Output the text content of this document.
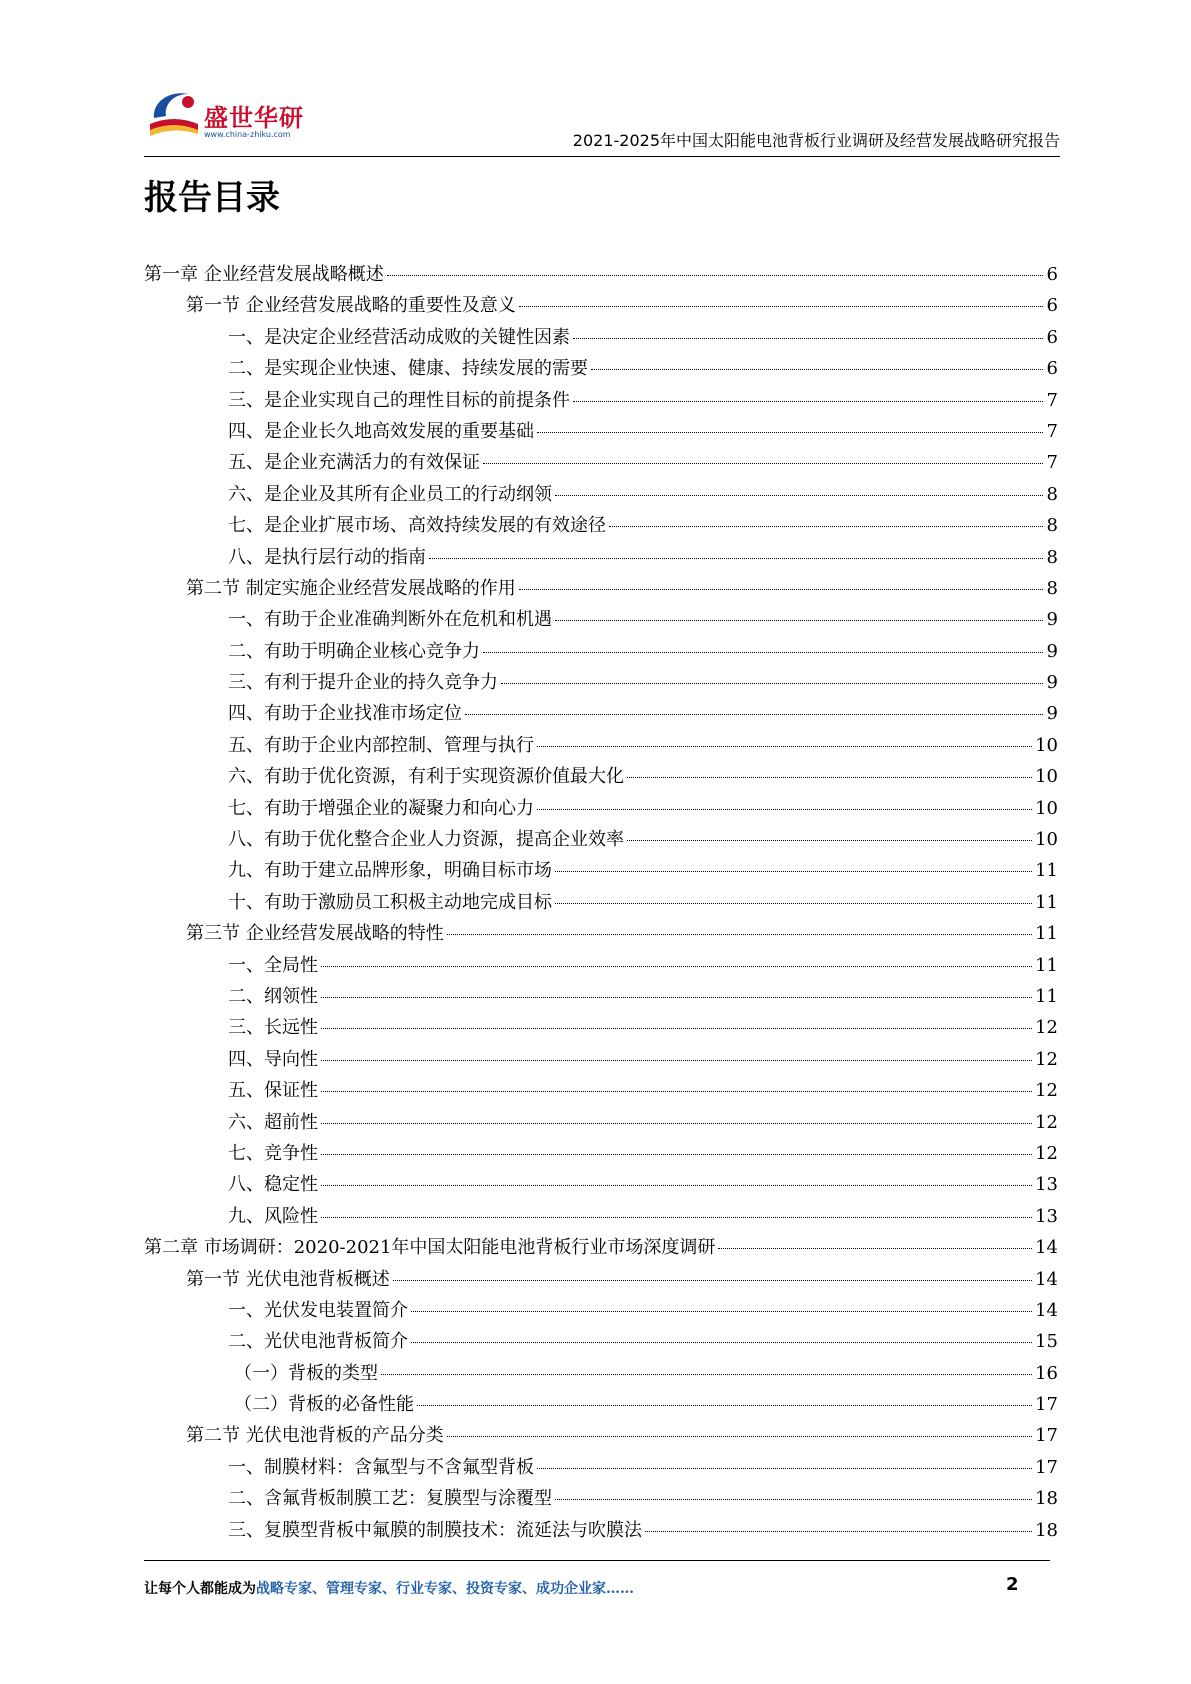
盛世华研
www.china-zhiku.com	2021-2025年中国太阳能电池背板行业调研及经营发展战略研究报告
报告目录
第一章 企业经营发展战略概述	6
第一节 企业经营发展战略的重要性及意义	6
一、是决定企业经营活动成败的关键性因素	6
二、是实现企业快速、健康、持续发展的需要	6
三、是企业实现自己的理性目标的前提条件	7
四、是企业长久地高效发展的重要基础	7
五、是企业充满活力的有效保证	7
六、是企业及其所有企业员工的行动纲领	8
七、是企业扩展市场、高效持续发展的有效途径	8
八、是执行层行动的指南	8
第二节 制定实施企业经营发展战略的作用	8
一、有助于企业准确判断外在危机和机遇	9
二、有助于明确企业核心竞争力	9
三、有利于提升企业的持久竞争力	9
四、有助于企业找准市场定位	9
五、有助于企业内部控制、管理与执行	10
六、有助于优化资源，有利于实现资源价值最大化	10
七、有助于增强企业的凝聚力和向心力	10
八、有助于优化整合企业人力资源，提高企业效率	10
九、有助于建立品牌形象，明确目标市场	11
十、有助于激励员工积极主动地完成目标	11
第三节 企业经营发展战略的特性	11
一、全局性	11
二、纲领性	11
三、长远性	12
四、导向性	12
五、保证性	12
六、超前性	12
七、竞争性	12
八、稳定性	13
九、风险性	13
第二章 市场调研：2020-2021年中国太阳能电池背板行业市场深度调研	14
第一节 光伏电池背板概述	14
一、光伏发电装置简介	14
二、光伏电池背板简介	15
（一）背板的类型	16
（二）背板的必备性能	17
第二节 光伏电池背板的产品分类	17
一、制膜材料：含氟型与不含氟型背板	17
二、含氟背板制膜工艺：复膜型与涂覆型	18
三、复膜型背板中氟膜的制膜技术：流延法与吹膜法	18
让每个人都能成为战略专家、管理专家、行业专家、投资专家、成功企业家……	2
